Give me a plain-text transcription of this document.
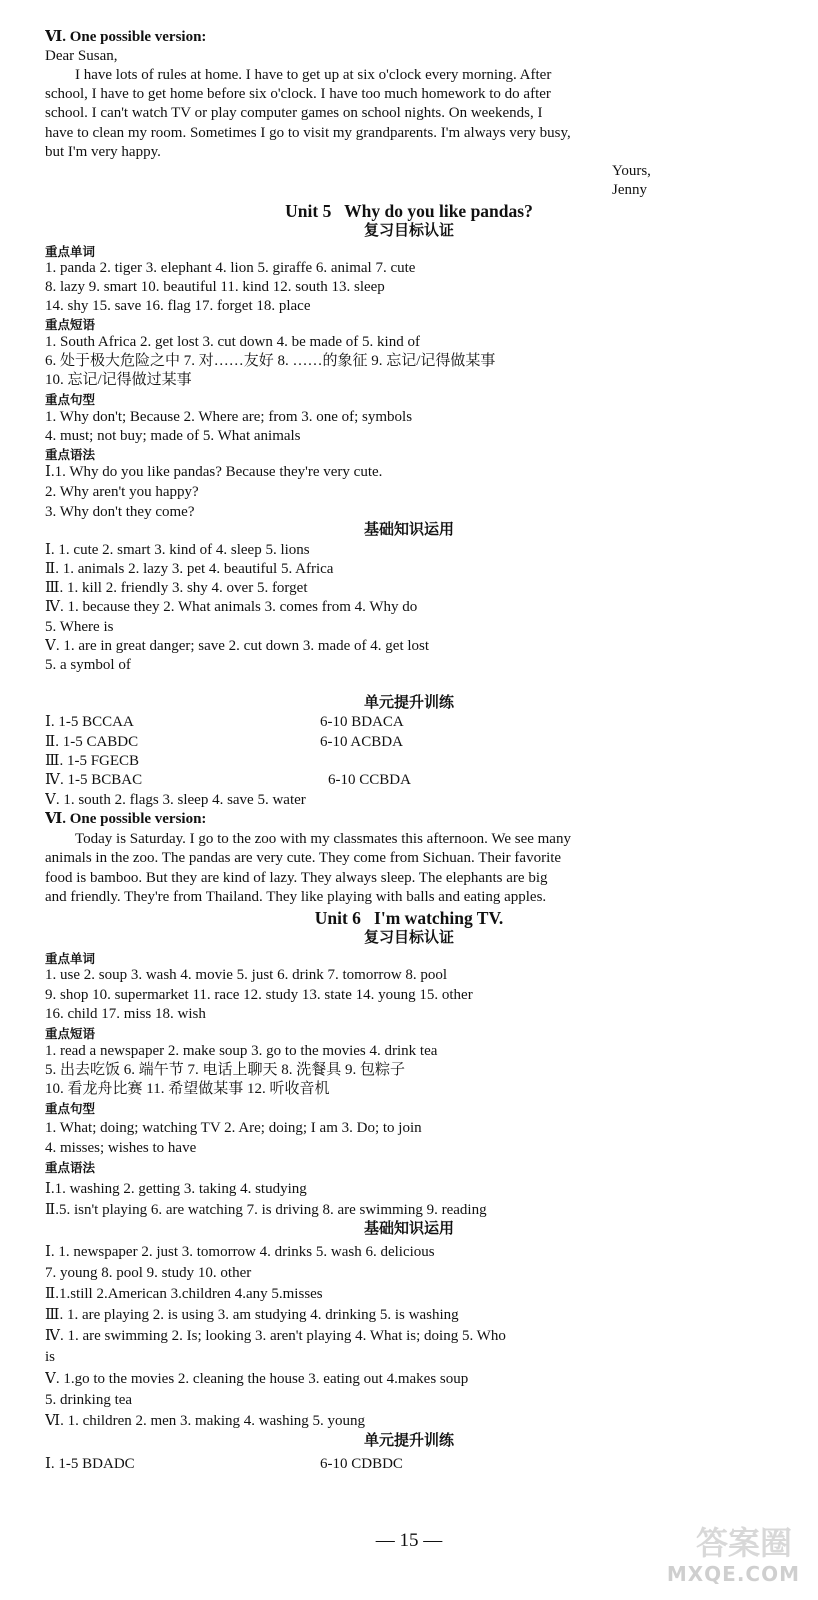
Ⅵ. One possible version:
Dear Susan,
I have lots of rules at home. I have to get up at six o'clock every morning. After
school, I have to get home before six o'clock. I have too much homework to do after
school. I can't watch TV or play computer games on school nights. On weekends, I
have to clean my room. Sometimes I go to visit my grandparents. I'm always very busy,
but I'm very happy.
Yours,
Jenny
Unit 5   Why do you like pandas?
复习目标认证
重点单词
1. panda 2. tiger 3. elephant 4. lion 5. giraffe 6. animal 7. cute
8. lazy 9. smart 10. beautiful 11. kind 12. south 13. sleep
14. shy 15. save 16. flag 17. forget 18. place
重点短语
1. South Africa 2. get lost 3. cut down 4. be made of 5. kind of
6. 处于极大危险之中 7. 对……友好 8. ……的象征 9. 忘记/记得做某事
10. 忘记/记得做过某事
重点句型
1. Why don't; Because 2. Where are; from 3. one of; symbols
4. must; not buy; made of 5. What animals
重点语法
Ⅰ.1. Why do you like pandas? Because they're very cute.
2. Why aren't you happy?
3. Why don't they come?
基础知识运用
Ⅰ. 1. cute 2. smart 3. kind of 4. sleep 5. lions
Ⅱ. 1. animals 2. lazy 3. pet 4. beautiful 5. Africa
Ⅲ. 1. kill 2. friendly 3. shy 4. over 5. forget
Ⅳ. 1. because they 2. What animals 3. comes from 4. Why do
5. Where is
Ⅴ. 1. are in great danger; save 2. cut down 3. made of 4. get lost
5. a symbol of
单元提升训练
Ⅰ. 1-5 BCCAA	6-10 BDACA
Ⅱ. 1-5 CABDC	6-10 ACBDA
Ⅲ. 1-5 FGECB
Ⅳ. 1-5 BCBAC	6-10 CCBDA
Ⅴ. 1. south 2. flags 3. sleep 4. save 5. water
Ⅵ. One possible version:
Today is Saturday. I go to the zoo with my classmates this afternoon. We see many
animals in the zoo. The pandas are very cute. They come from Sichuan. Their favorite
food is bamboo. But they are kind of lazy. They always sleep. The elephants are big
and friendly. They're from Thailand. They like playing with balls and eating apples.
Unit 6   I'm watching TV.
复习目标认证
重点单词
1. use 2. soup 3. wash 4. movie 5. just 6. drink 7. tomorrow 8. pool
9. shop 10. supermarket 11. race 12. study 13. state 14. young 15. other
16. child 17. miss 18. wish
重点短语
1. read a newspaper 2. make soup 3. go to the movies 4. drink tea
5. 出去吃饭 6. 端午节 7. 电话上聊天 8. 洗餐具 9. 包粽子
10. 看龙舟比赛 11. 希望做某事 12. 听收音机
重点句型
1. What; doing; watching TV 2. Are; doing; I am 3. Do; to join
4. misses; wishes to have
重点语法
Ⅰ.1. washing 2. getting 3. taking 4. studying
Ⅱ.5. isn't playing 6. are watching 7. is driving 8. are swimming 9. reading
基础知识运用
Ⅰ. 1. newspaper 2. just 3. tomorrow 4. drinks 5. wash 6. delicious
7. young 8. pool 9. study 10. other
Ⅱ.1.still 2.American 3.children 4.any 5.misses
Ⅲ. 1. are playing 2. is using 3. am studying 4. drinking 5. is washing
Ⅳ. 1. are swimming 2. Is; looking 3. aren't playing 4. What is; doing 5. Who
is
Ⅴ. 1.go to the movies 2. cleaning the house 3. eating out 4.makes soup
5. drinking tea
Ⅵ. 1. children 2. men 3. making 4. washing 5. young
单元提升训练
Ⅰ. 1-5 BDADC	6-10 CDBDC
— 15 —	答案圈
MXQE.COM
